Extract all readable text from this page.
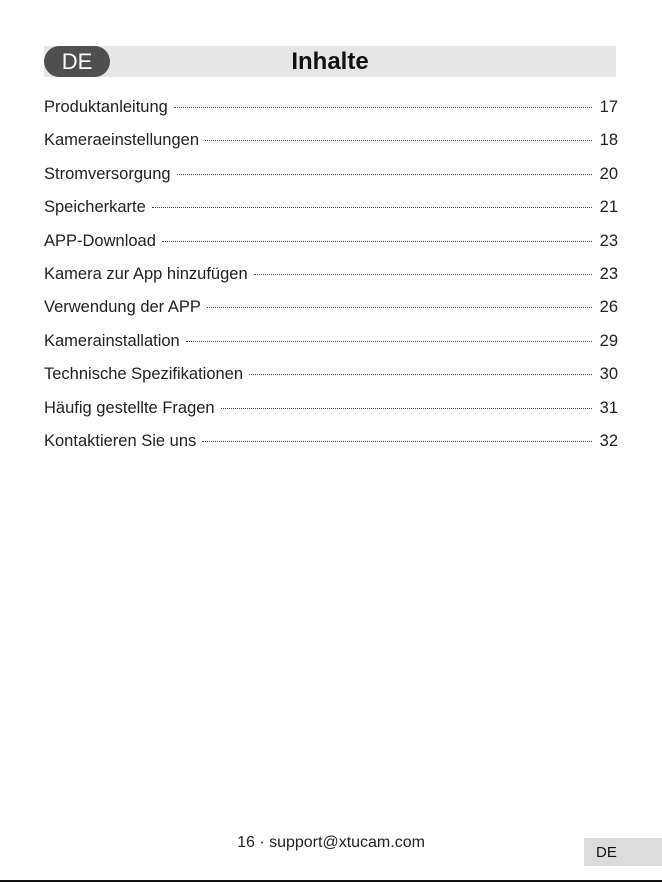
DE	Inhalte
Produktanleitung	17
Kameraeinstellungen	18
Stromversorgung	20
Speicherkarte	21
APP-Download	23
Kamera zur App hinzufügen	23
Verwendung der APP	26
Kamerainstallation	29
Technische Spezifikationen	30
Häufig gestellte Fragen	31
Kontaktieren Sie uns	32
16 · support@xtucam.com
DE
